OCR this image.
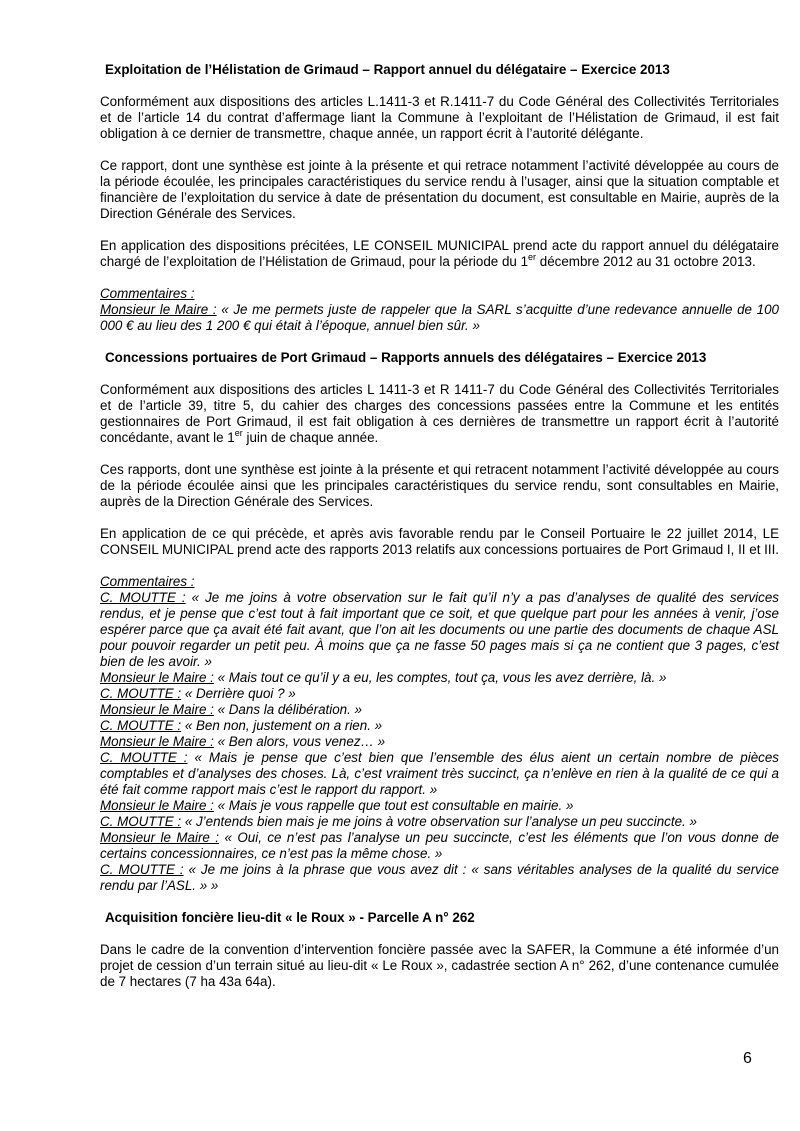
Exploitation de l’Hélistation de Grimaud – Rapport annuel du délégataire – Exercice 2013

Conformément aux dispositions des articles L.1411-3 et R.1411-7 du Code Général des Collectivités Territoriales et de l’article 14 du contrat d’affermage liant la Commune à l’exploitant de l’Hélistation de Grimaud, il est fait obligation à ce dernier de transmettre, chaque année, un rapport écrit à l’autorité délégante.

Ce rapport, dont une synthèse est jointe à la présente et qui retrace notamment l’activité développée au cours de la période écoulée, les principales caractéristiques du service rendu à l’usager, ainsi que la situation comptable et financière de l’exploitation du service à date de présentation du document, est consultable en Mairie, auprès de la Direction Générale des Services.

En application des dispositions précitées, LE CONSEIL MUNICIPAL prend acte du rapport annuel du délégataire chargé de l’exploitation de l’Hélistation de Grimaud, pour la période du 1er décembre 2012 au 31 octobre 2013.

Commentaires :
Monsieur le Maire : « Je me permets juste de rappeler que la SARL s’acquitte d’une redevance annuelle de 100 000 € au lieu des 1 200 € qui était à l’époque, annuel bien sûr. »
Concessions portuaires de Port Grimaud – Rapports annuels des délégataires – Exercice 2013

Conformément aux dispositions des articles L 1411-3 et R 1411-7 du Code Général des Collectivités Territoriales et de l’article 39, titre 5, du cahier des charges des concessions passées entre la Commune et les entités gestionnaires de Port Grimaud, il est fait obligation à ces dernières de transmettre un rapport écrit à l’autorité concédante, avant le 1er juin de chaque année.

Ces rapports, dont une synthèse est jointe à la présente et qui retracent notamment l’activité développée au cours de la période écoulée ainsi que les principales caractéristiques du service rendu, sont consultables en Mairie, auprès de la Direction Générale des Services.

En application de ce qui précède, et après avis favorable rendu par le Conseil Portuaire le 22 juillet 2014, LE CONSEIL MUNICIPAL prend acte des rapports 2013 relatifs aux concessions portuaires de Port Grimaud I, II et III.

Commentaires :
C. MOUTTE : « Je me joins à votre observation sur le fait qu’il n’y a pas d’analyses de qualité des services rendus, et je pense que c’est tout à fait important que ce soit, et que quelque part pour les années à venir, j’ose espérer parce que ça avait été fait avant, que l’on ait les documents ou une partie des documents de chaque ASL pour pouvoir regarder un petit peu. À moins que ça ne fasse 50 pages mais si ça ne contient que 3 pages, c’est bien de les avoir. »
Monsieur le Maire : « Mais tout ce qu’il y a eu, les comptes, tout ça, vous les avez derrière, là. »
C. MOUTTE : « Derrière quoi ? »
Monsieur le Maire : « Dans la délibération. »
C. MOUTTE : « Ben non, justement on a rien. »
Monsieur le Maire : « Ben alors, vous venez… »
C. MOUTTE : « Mais je pense que c’est bien que l’ensemble des élus aient un certain nombre de pièces comptables et d’analyses des choses. Là, c’est vraiment très succinct, ça n’enlève en rien à la qualité de ce qui a été fait comme rapport mais c’est le rapport du rapport. »
Monsieur le Maire : « Mais je vous rappelle que tout est consultable en mairie. »
C. MOUTTE : « J’entends bien mais je me joins à votre observation sur l’analyse un peu succincte. »
Monsieur le Maire : « Oui, ce n’est pas l’analyse un peu succincte, c’est les éléments que l’on vous donne de certains concessionnaires, ce n’est pas la même chose. »
C. MOUTTE : « Je me joins à la phrase que vous avez dit : « sans véritables analyses de la qualité du service rendu par l’ASL. » »
Acquisition foncière lieu-dit « le Roux » - Parcelle A n° 262

Dans le cadre de la convention d’intervention foncière passée avec la SAFER, la Commune a été informée d’un projet de cession d’un terrain situé au lieu-dit « Le Roux », cadastrée section A n° 262, d’une contenance cumulée de 7 hectares (7 ha 43a 64a).

6
